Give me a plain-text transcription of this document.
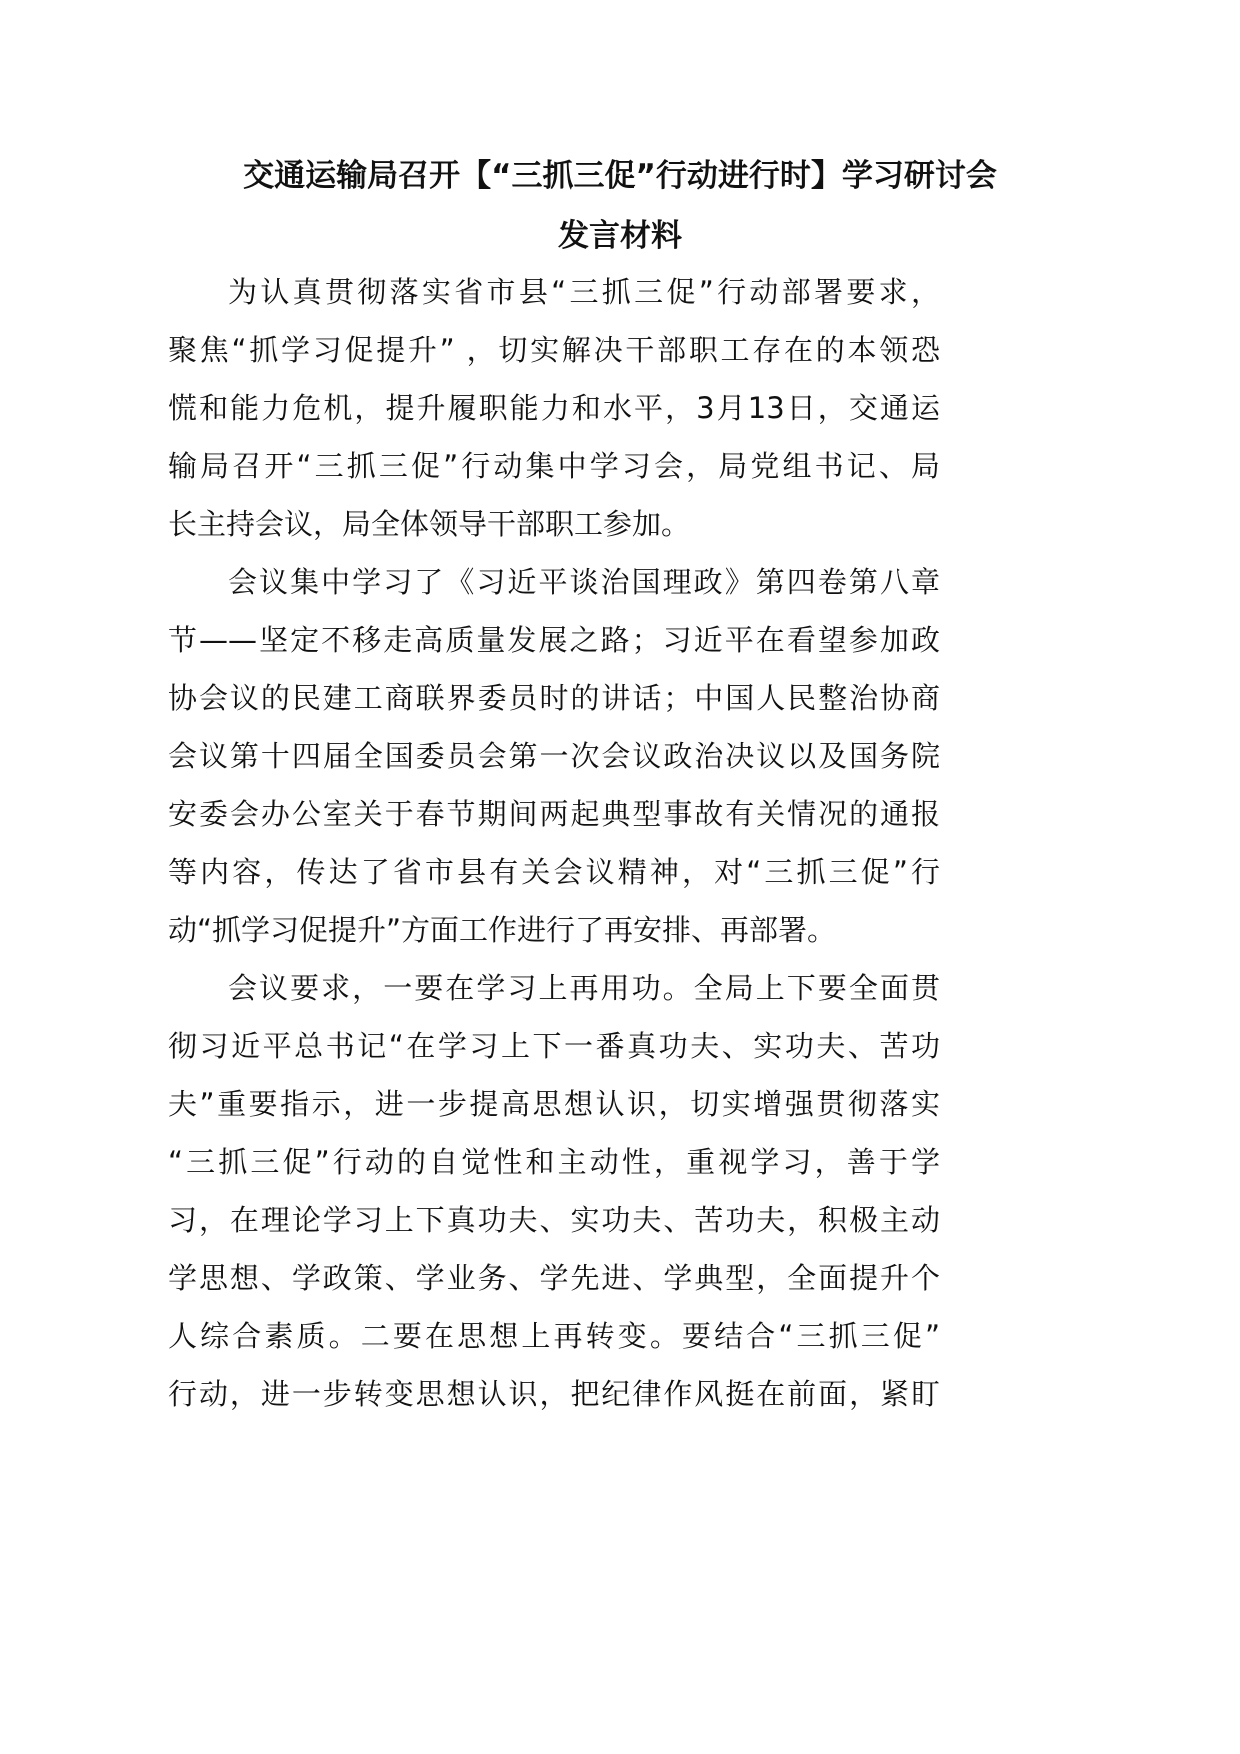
交通运输局召开【“三抓三促”行动进行时】学习研讨会
发言材料
为认真贯彻落实省市县“三抓三促”行动部署要求，
聚焦“抓学习促提升” ，切实解决干部职工存在的本领恐
慌和能力危机，提升履职能力和水平，3月13日，交通运
输局召开“三抓三促”行动集中学习会，局党组书记、局
长主持会议，局全体领导干部职工参加。
会议集中学习了《习近平谈治国理政》第四卷第八章
节——坚定不移走高质量发展之路；习近平在看望参加政
协会议的民建工商联界委员时的讲话；中国人民整治协商
会议第十四届全国委员会第一次会议政治决议以及国务院
安委会办公室关于春节期间两起典型事故有关情况的通报
等内容，传达了省市县有关会议精神，对“三抓三促”行
动“抓学习促提升”方面工作进行了再安排、再部署。
会议要求，一要在学习上再用功。全局上下要全面贯
彻习近平总书记“在学习上下一番真功夫、实功夫、苦功
夫”重要指示，进一步提高思想认识，切实增强贯彻落实
“三抓三促”行动的自觉性和主动性，重视学习，善于学
习，在理论学习上下真功夫、实功夫、苦功夫，积极主动
学思想、学政策、学业务、学先进、学典型，全面提升个
人综合素质。二要在思想上再转变。要结合“三抓三促”
行动，进一步转变思想认识，把纪律作风挺在前面，紧盯
